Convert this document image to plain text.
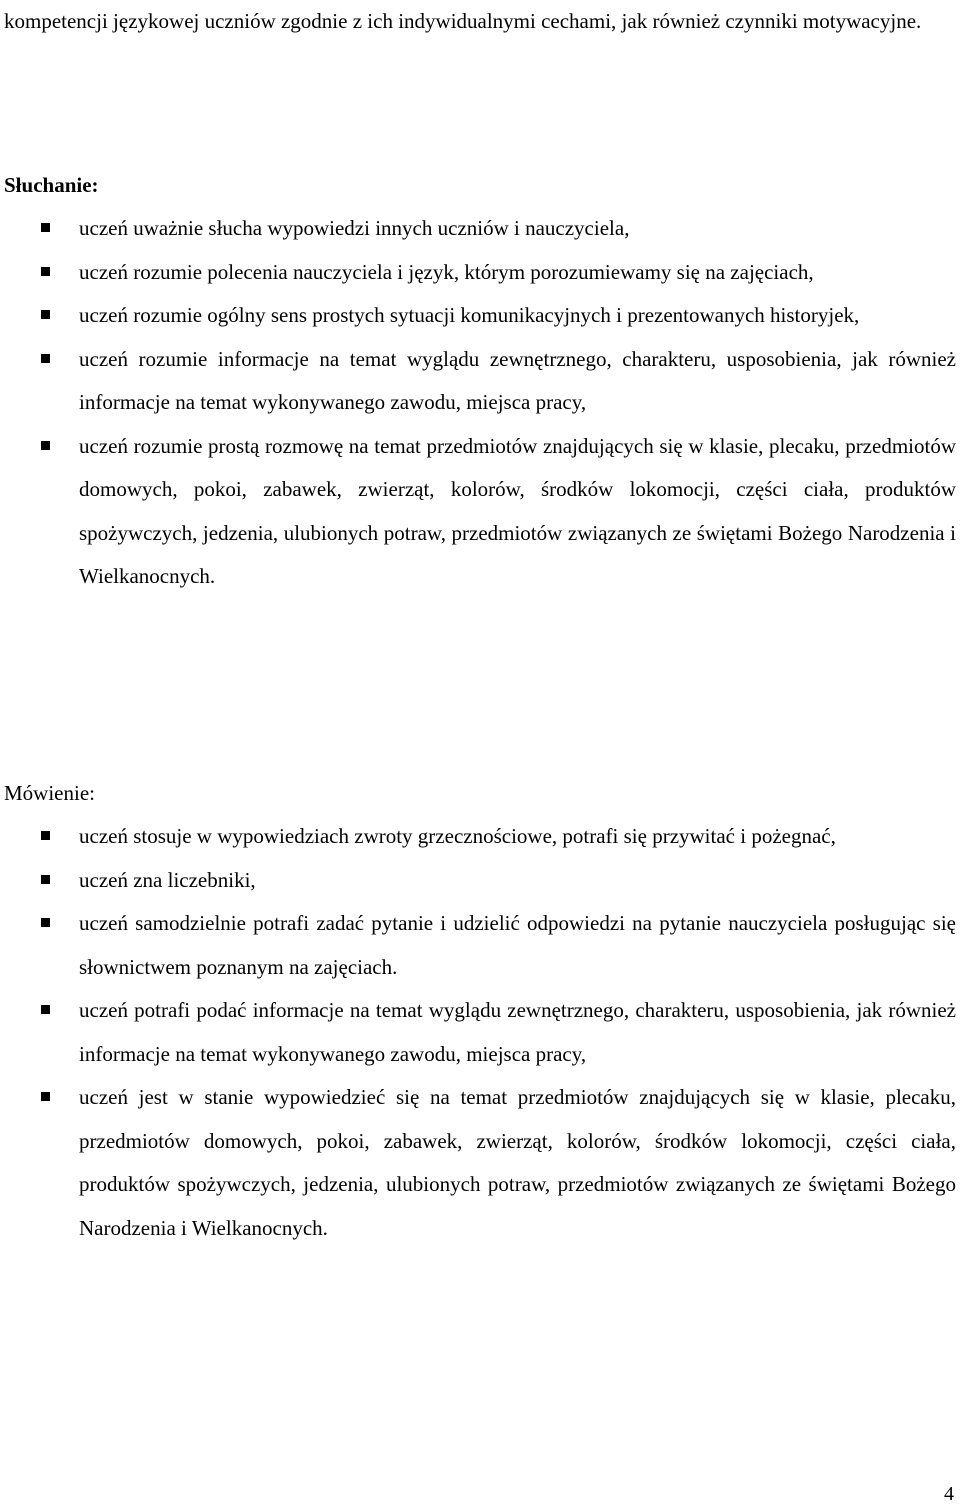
kompetencji językowej uczniów zgodnie z ich indywidualnymi cechami, jak również czynniki motywacyjne.

Słuchanie:
uczeń uważnie słucha wypowiedzi innych uczniów i nauczyciela,
uczeń rozumie polecenia nauczyciela i język, którym porozumiewamy się na zajęciach,
uczeń rozumie ogólny sens prostych sytuacji komunikacyjnych i prezentowanych historyjek,
uczeń rozumie informacje na temat wyglądu zewnętrznego, charakteru, usposobienia, jak również informacje na temat wykonywanego zawodu, miejsca pracy,
uczeń rozumie prostą rozmowę na temat przedmiotów znajdujących się w klasie, plecaku, przedmiotów domowych, pokoi, zabawek, zwierząt, kolorów, środków lokomocji, części ciała, produktów spożywczych, jedzenia, ulubionych potraw, przedmiotów związanych ze świętami Bożego Narodzenia i Wielkanocnych.
Mówienie:
uczeń stosuje w wypowiedziach zwroty grzecznościowe, potrafi się przywitać i pożegnać,
uczeń zna liczebniki,
uczeń samodzielnie potrafi zadać pytanie i udzielić odpowiedzi na pytanie nauczyciela posługując się słownictwem poznanym na zajęciach.
uczeń potrafi podać informacje na temat wyglądu zewnętrznego, charakteru, usposobienia, jak również informacje na temat wykonywanego zawodu, miejsca pracy,
uczeń jest w stanie wypowiedzieć się na temat przedmiotów znajdujących się w klasie, plecaku, przedmiotów domowych, pokoi, zabawek, zwierząt, kolorów, środków lokomocji, części ciała, produktów spożywczych, jedzenia, ulubionych potraw, przedmiotów związanych ze świętami Bożego Narodzenia i Wielkanocnych.
4
